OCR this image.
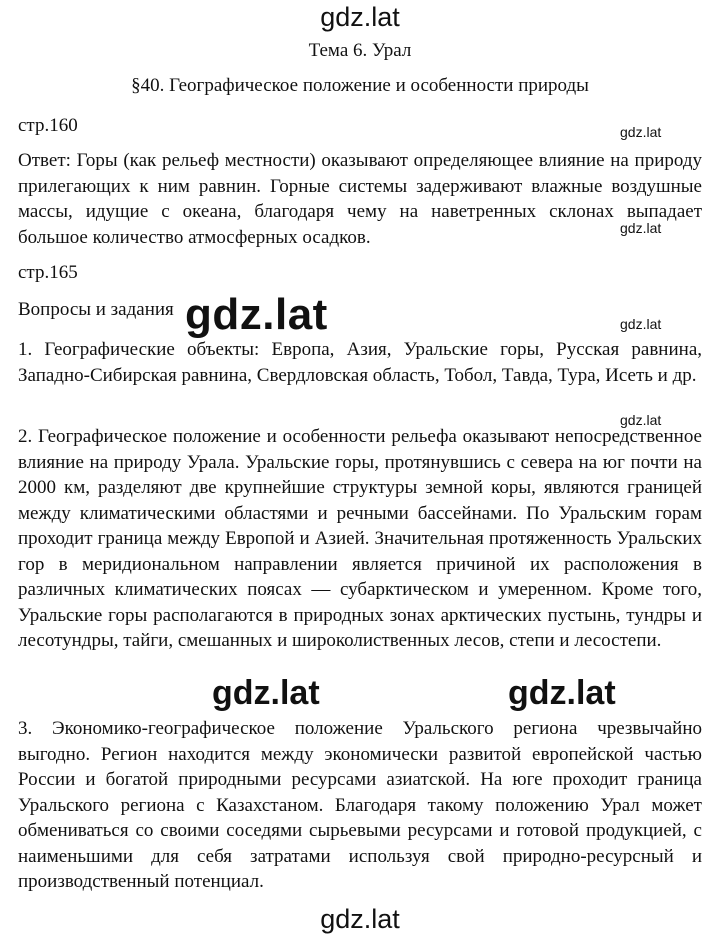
gdz.lat
Тема 6. Урал
§40. Географическое положение и особенности природы
стр.160	gdz.lat
Ответ: Горы (как рельеф местности) оказывают определяющее влияние на природу прилегающих к ним равнин. Горные системы задерживают влажные воздушные массы, идущие с океана, благодаря чему на наветренных склонах выпадает большое количество атмосферных осадков.	gdz.lat
стр.165
Вопросы и задания gdz.lat	gdz.lat
1. Географические объекты: Европа, Азия, Уральские горы, Русская равнина, Западно-Сибирская равнина, Свердловская область, Тобол, Тавда, Тура, Исеть и др.
gdz.lat
2. Географическое положение и особенности рельефа оказывают непосредственное влияние на природу Урала. Уральские горы, протянувшись с севера на юг почти на 2000 км, разделяют две крупнейшие структуры земной коры, являются границей между климатическими областями и речными бассейнами. По Уральским горам проходит граница между Европой и Азией. Значительная протяженность Уральских гор в меридиональном направлении является причиной их расположения в различных климатических поясах — субарктическом и умеренном. Кроме того, Уральские горы располагаются в природных зонах арктических пустынь, тундры и лесотундры, тайги, смешанных и широколиственных лесов, степи и лесостепи.
gdz.lat	gdz.lat
3. Экономико-географическое положение Уральского региона чрезвычайно выгодно. Регион находится между экономически развитой европейской частью России и богатой природными ресурсами азиатской. На юге проходит граница Уральского региона с Казахстаном. Благодаря такому положению Урал может обмениваться со своими соседями сырьевыми ресурсами и готовой продукцией, с наименьшими для себя затратами используя свой природно-ресурсный и производственный потенциал.
gdz.lat
